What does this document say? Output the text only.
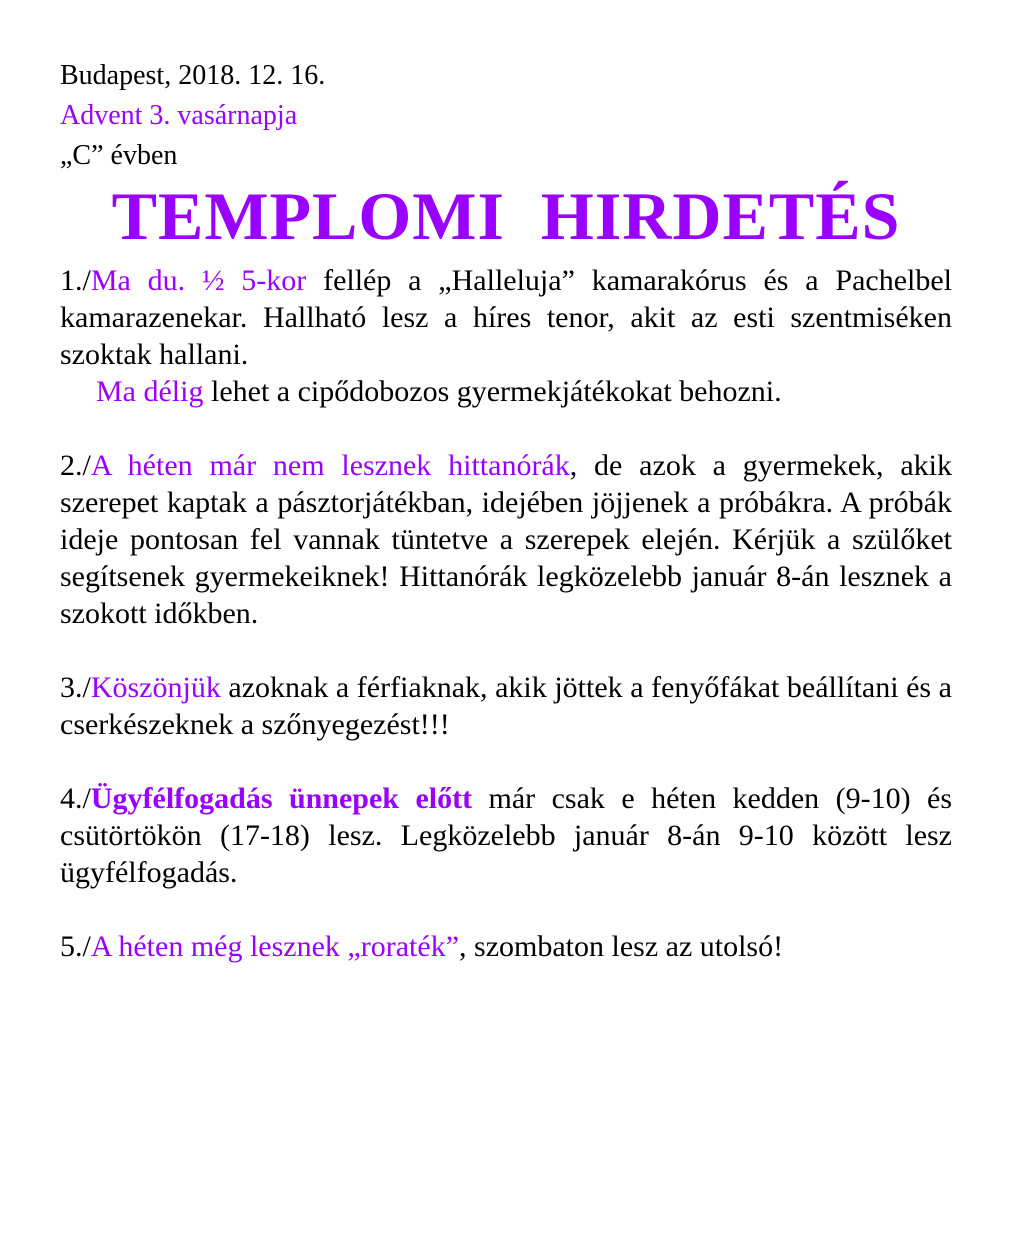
Budapest, 2018. 12. 16.

Advent 3. vasárnapja

„C” évben

TEMPLOMI HIRDETÉS

1./Ma du. ½ 5-kor fellép a „Halleluja” kamarakórus és a Pachelbel kamarazenekar. Hallható lesz a híres tenor, akit az esti szentmiséken szoktak hallani.

Ma délig lehet a cipődobozos gyermekjátékokat behozni.

2./A héten már nem lesznek hittanórák, de azok a gyermekek, akik szerepet kaptak a pásztorjátékban, idejében jöjjenek a próbákra. A próbák ideje pontosan fel vannak tüntetve a szerepek elején. Kérjük a szülőket segítsenek gyermekeiknek! Hittanórák legközelebb január 8-án lesznek a szokott időkben.

3./Köszönjük azoknak a férfiaknak, akik jöttek a fenyőfákat beállítani és a cserkészeknek a szőnyegezést!!!

4./Ügyfélfogadás ünnepek előtt már csak e héten kedden (9-10) és csütörtökön (17-18) lesz. Legközelebb január 8-án 9-10 között lesz ügyfélfogadás.

5./A héten még lesznek „roraték”, szombaton lesz az utolsó!
